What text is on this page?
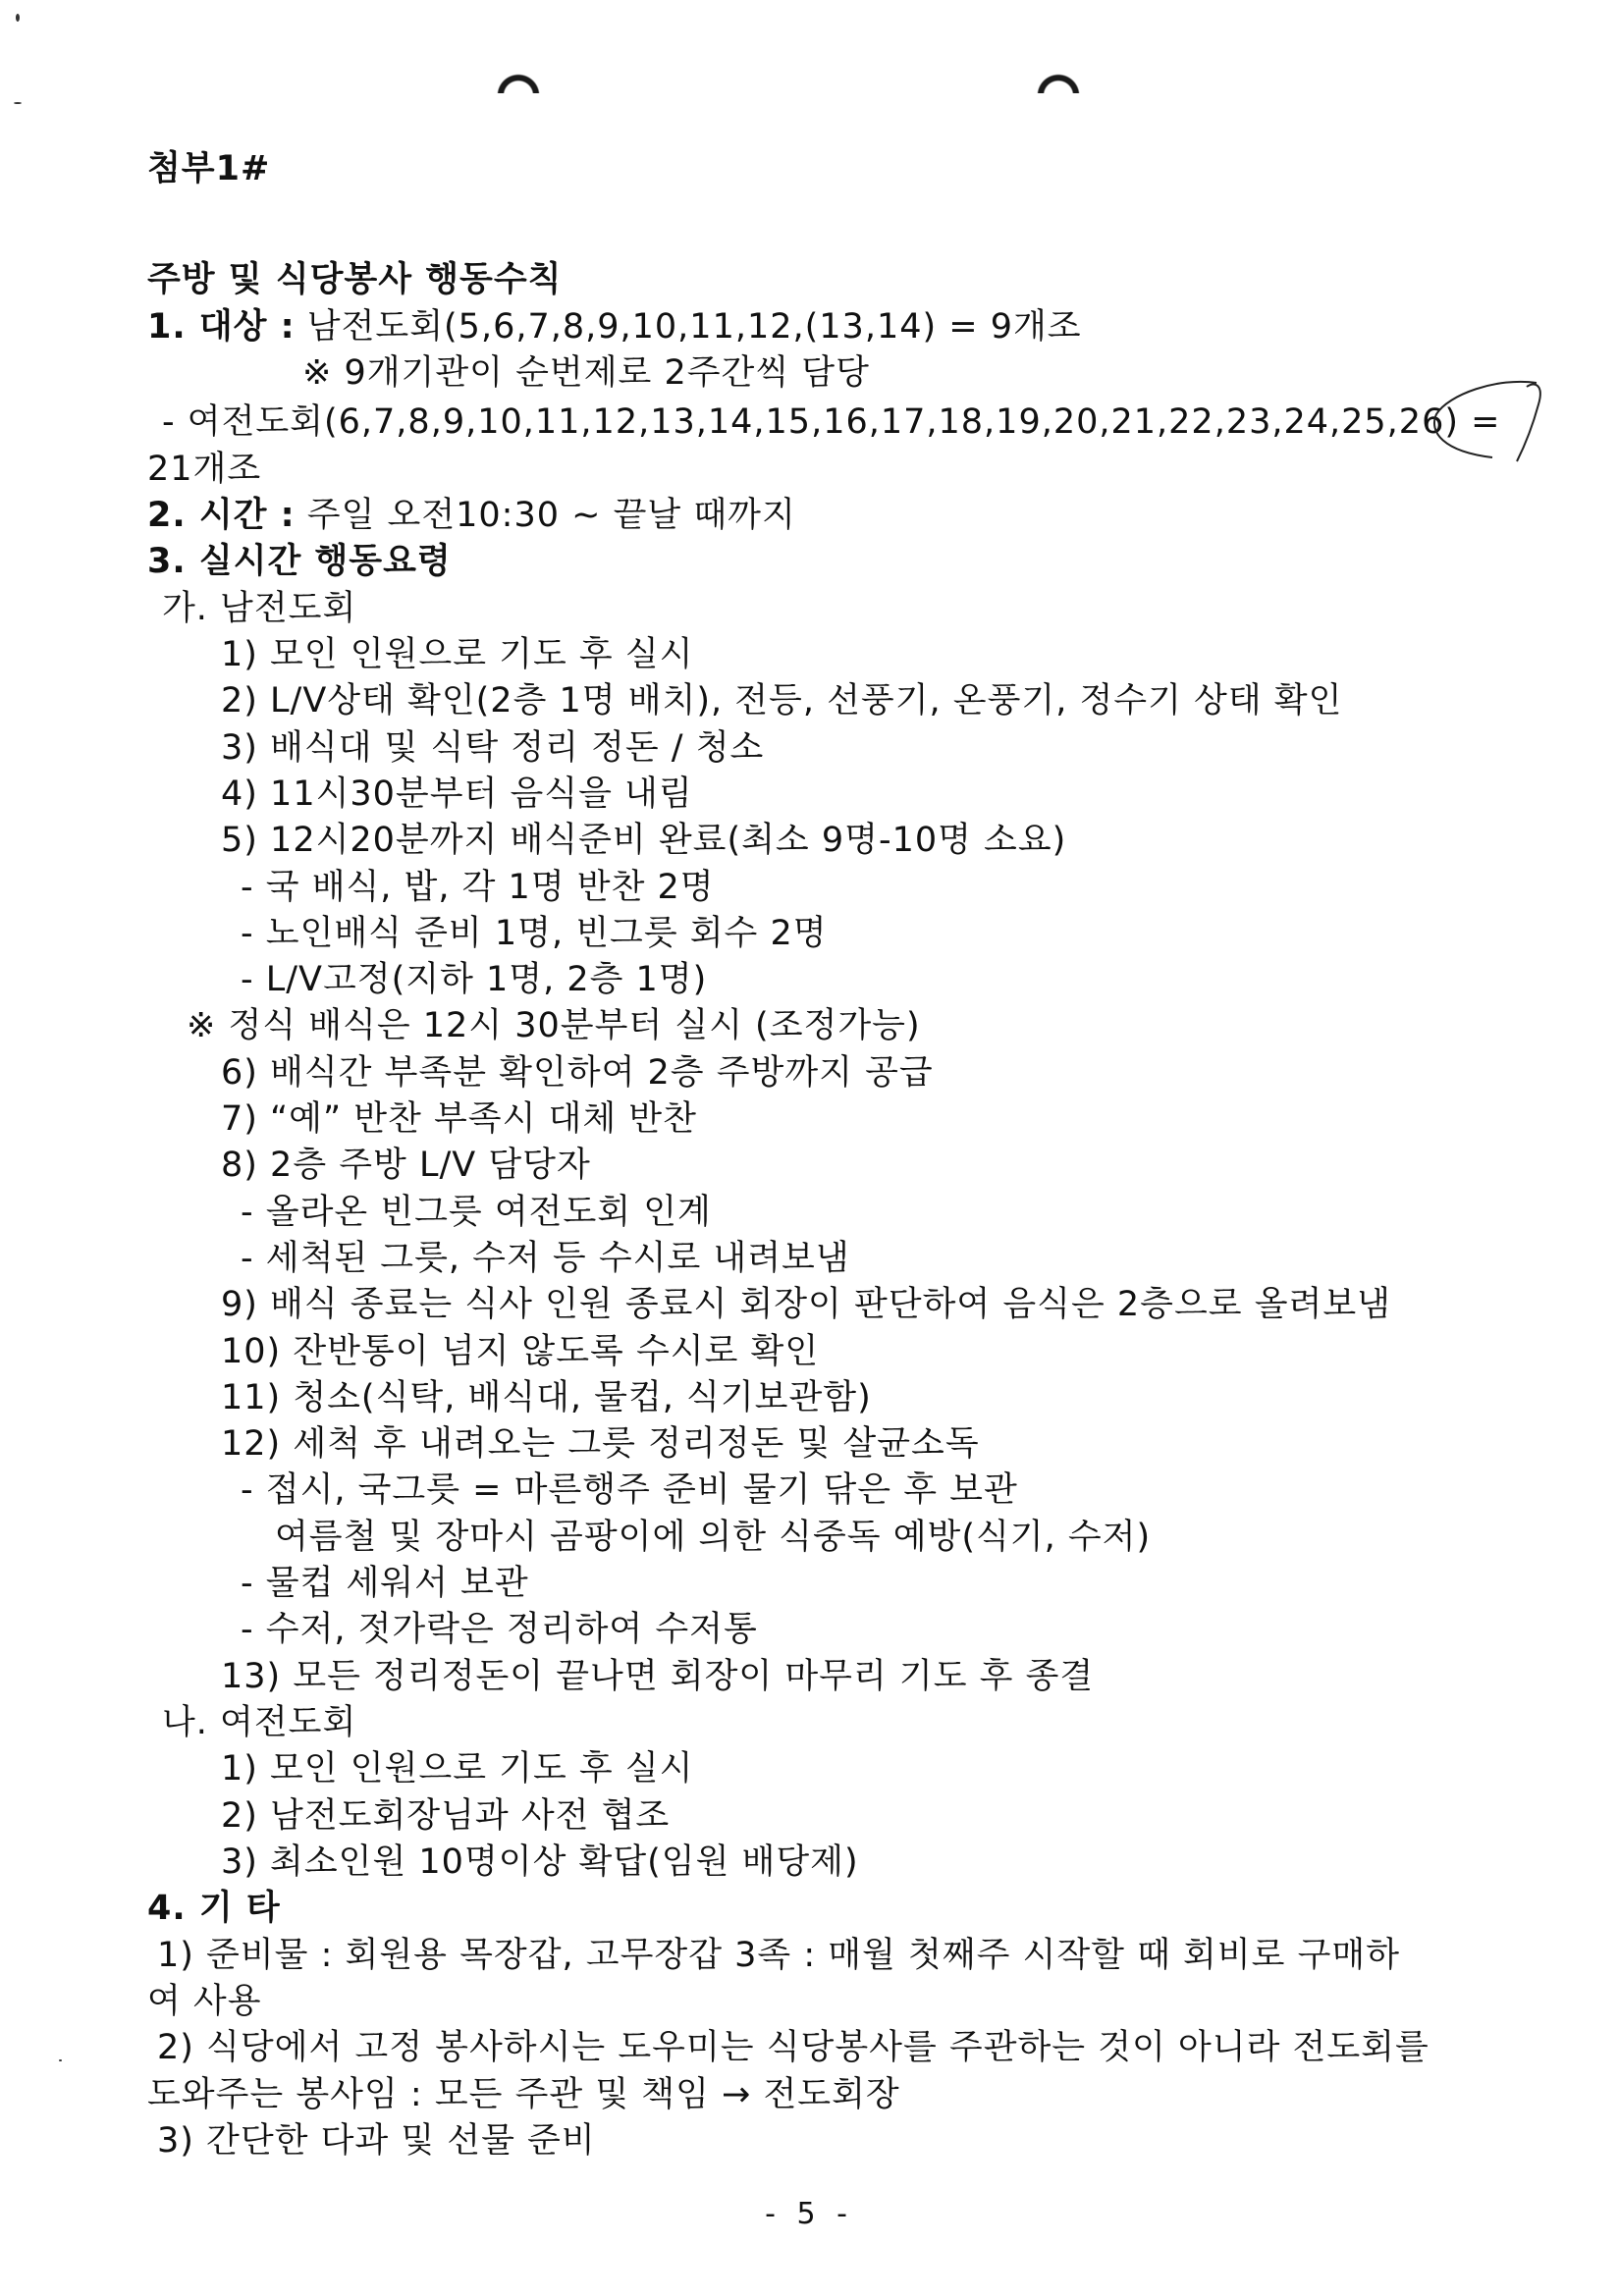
첨부1#
주방 및 식당봉사 행동수칙
1. 대상 : 남전도회(5,6,7,8,9,10,11,12,(13,14) = 9개조
※ 9개기관이 순번제로 2주간씩 담당
- 여전도회(6,7,8,9,10,11,12,13,14,15,16,17,18,19,20,21,22,23,24,25,26) =
21개조
2. 시간 : 주일 오전10:30 ~ 끝날 때까지
3. 실시간 행동요령
가. 남전도회
1) 모인 인원으로 기도 후 실시
2) L/V상태 확인(2층 1명 배치), 전등, 선풍기, 온풍기, 정수기 상태 확인
3) 배식대 및 식탁 정리 정돈 / 청소
4) 11시30분부터 음식을 내림
5) 12시20분까지 배식준비 완료(최소 9명-10명 소요)
- 국 배식, 밥, 각 1명 반찬 2명
- 노인배식 준비 1명, 빈그릇 회수 2명
- L/V고정(지하 1명, 2층 1명)
※ 정식 배식은 12시 30분부터 실시 (조정가능)
6) 배식간 부족분 확인하여 2층 주방까지 공급
7) “예” 반찬 부족시 대체 반찬
8) 2층 주방 L/V 담당자
- 올라온 빈그릇 여전도회 인계
- 세척된 그릇, 수저 등 수시로 내려보냄
9) 배식 종료는 식사 인원 종료시 회장이 판단하여 음식은 2층으로 올려보냄
10) 잔반통이 넘지 않도록 수시로 확인
11) 청소(식탁, 배식대, 물컵, 식기보관함)
12) 세척 후 내려오는 그릇 정리정돈 및 살균소독
- 접시, 국그릇 = 마른행주 준비 물기 닦은 후 보관
여름철 및 장마시 곰팡이에 의한 식중독 예방(식기, 수저)
- 물컵 세워서 보관
- 수저, 젓가락은 정리하여 수저통
13) 모든 정리정돈이 끝나면 회장이 마무리 기도 후 종결
나. 여전도회
1) 모인 인원으로 기도 후 실시
2) 남전도회장님과 사전 협조
3) 최소인원 10명이상 확답(임원 배당제)
4. 기 타
1) 준비물 : 회원용 목장갑, 고무장갑 3족 : 매월 첫째주 시작할 때 회비로 구매하
여 사용
2) 식당에서 고정 봉사하시는 도우미는 식당봉사를 주관하는 것이 아니라 전도회를
도와주는 봉사임 : 모든 주관 및 책임 → 전도회장
3) 간단한 다과 및 선물 준비
- 5 -
